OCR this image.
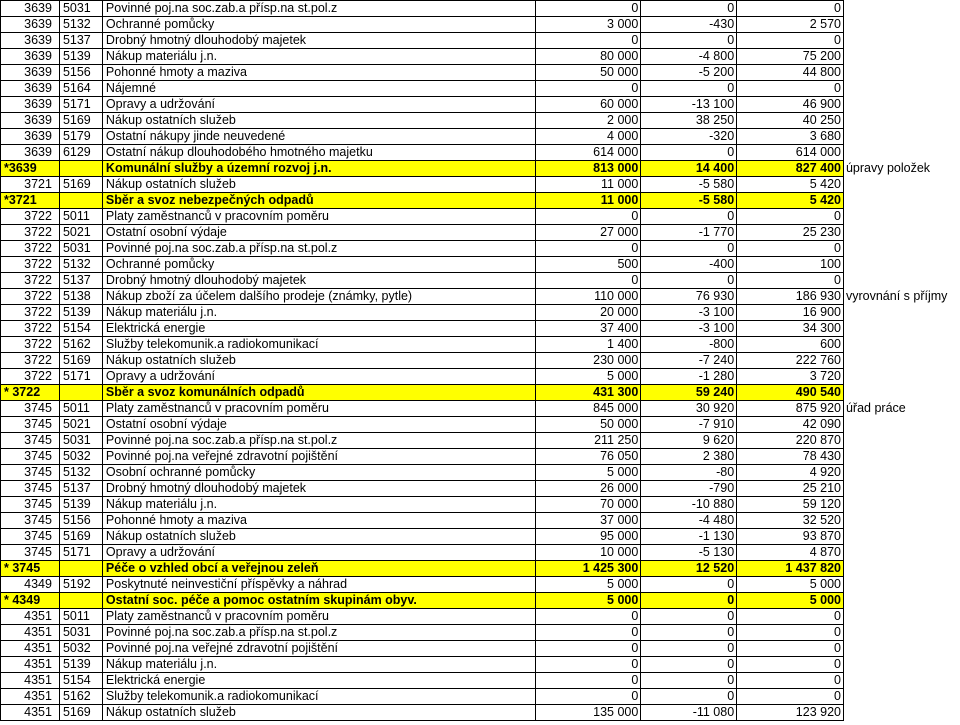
3639	5031	Povinné poj.na soc.zab.a přísp.na st.pol.z	0	0	0	
3639	5132	Ochranné pomůcky	3 000	-430	2 570	
3639	5137	Drobný hmotný dlouhodobý majetek	0	0	0	
3639	5139	Nákup materiálu j.n.	80 000	-4 800	75 200	
3639	5156	Pohonné hmoty a maziva	50 000	-5 200	44 800	
3639	5164	Nájemné	0	0	0	
3639	5171	Opravy a udržování	60 000	-13 100	46 900	
3639	5169	Nákup ostatních služeb	2 000	38 250	40 250	
3639	5179	Ostatní nákupy jinde neuvedené	4 000	-320	3 680	
3639	6129	Ostatní nákup dlouhodobého hmotného majetku	614 000	0	614 000	
*3639		Komunální služby a územní rozvoj j.n.	813 000	14 400	827 400	úpravy položek
3721	5169	Nákup ostatních služeb	11 000	-5 580	5 420	
*3721		Sběr a svoz nebezpečných odpadů	11 000	-5 580	5 420	
3722	5011	Platy zaměstnanců v pracovním poměru	0	0	0	
3722	5021	Ostatní osobní výdaje	27 000	-1 770	25 230	
3722	5031	Povinné poj.na soc.zab.a přísp.na st.pol.z	0	0	0	
3722	5132	Ochranné pomůcky	500	-400	100	
3722	5137	Drobný hmotný dlouhodobý majetek	0	0	0	
3722	5138	Nákup zboží za účelem dalšího prodeje (známky, pytle)	110 000	76 930	186 930	vyrovnání s příjmy
3722	5139	Nákup materiálu j.n.	20 000	-3 100	16 900	
3722	5154	Elektrická energie	37 400	-3 100	34 300	
3722	5162	Služby telekomunik.a radiokomunikací	1 400	-800	600	
3722	5169	Nákup ostatních služeb	230 000	-7 240	222 760	
3722	5171	Opravy a udržování	5 000	-1 280	3 720	
* 3722		Sběr a svoz komunálních odpadů	431 300	59 240	490 540	
3745	5011	Platy zaměstnanců v pracovním poměru	845 000	30 920	875 920	úřad práce
3745	5021	Ostatní osobní výdaje	50 000	-7 910	42 090	
3745	5031	Povinné poj.na soc.zab.a přísp.na st.pol.z	211 250	9 620	220 870	
3745	5032	Povinné poj.na veřejné zdravotní pojištění	76 050	2 380	78 430	
3745	5132	Osobní ochranné pomůcky	5 000	-80	4 920	
3745	5137	Drobný hmotný dlouhodobý majetek	26 000	-790	25 210	
3745	5139	Nákup materiálu j.n.	70 000	-10 880	59 120	
3745	5156	Pohonné hmoty a maziva	37 000	-4 480	32 520	
3745	5169	Nákup ostatních služeb	95 000	-1 130	93 870	
3745	5171	Opravy a udržování	10 000	-5 130	4 870	
* 3745		Péče o vzhled obcí a veřejnou zeleň	1 425 300	12 520	1 437 820	
4349	5192	Poskytnuté neinvestiční příspěvky a náhrad	5 000	0	5 000	
* 4349		Ostatní soc. péče a pomoc ostatním skupinám obyv.	5 000	0	5 000	
4351	5011	Platy zaměstnanců v pracovním poměru	0	0	0	
4351	5031	Povinné poj.na soc.zab.a přísp.na st.pol.z	0	0	0	
4351	5032	Povinné poj.na veřejné zdravotní pojištění	0	0	0	
4351	5139	Nákup materiálu j.n.	0	0	0	
4351	5154	Elektrická energie	0	0	0	
4351	5162	Služby telekomunik.a radiokomunikací	0	0	0	
4351	5169	Nákup ostatních služeb	135 000	-11 080	123 920	
